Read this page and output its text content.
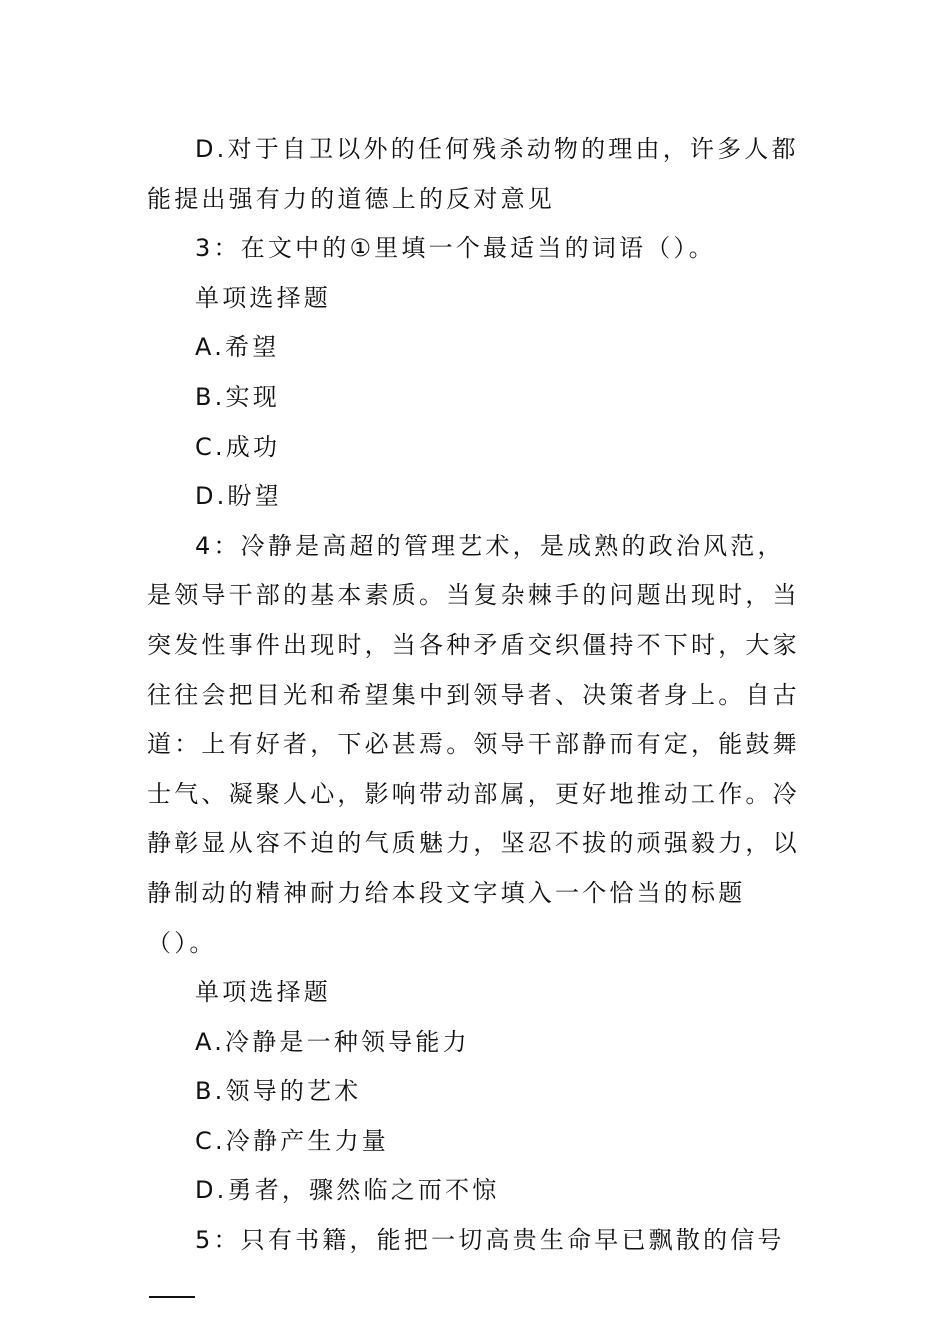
D.对于自卫以外的任何残杀动物的理由，许多人都能提出强有力的道德上的反对意见

3：在文中的①里填一个最适当的词语（）。

单项选择题

A.希望

B.实现

C.成功

D.盼望

4：冷静是高超的管理艺术，是成熟的政治风范，是领导干部的基本素质。当复杂棘手的问题出现时，当突发性事件出现时，当各种矛盾交织僵持不下时，大家往往会把目光和希望集中到领导者、决策者身上。自古道：上有好者，下必甚焉。领导干部静而有定，能鼓舞士气、凝聚人心，影响带动部属，更好地推动工作。冷静彰显从容不迫的气质魅力，坚忍不拔的顽强毅力，以静制动的精神耐力给本段文字填入一个恰当的标题（）。

单项选择题

A.冷静是一种领导能力

B.领导的艺术

C.冷静产生力量

D.勇者，骤然临之而不惊

5：只有书籍，能把一切高贵生命早已飘散的信号
